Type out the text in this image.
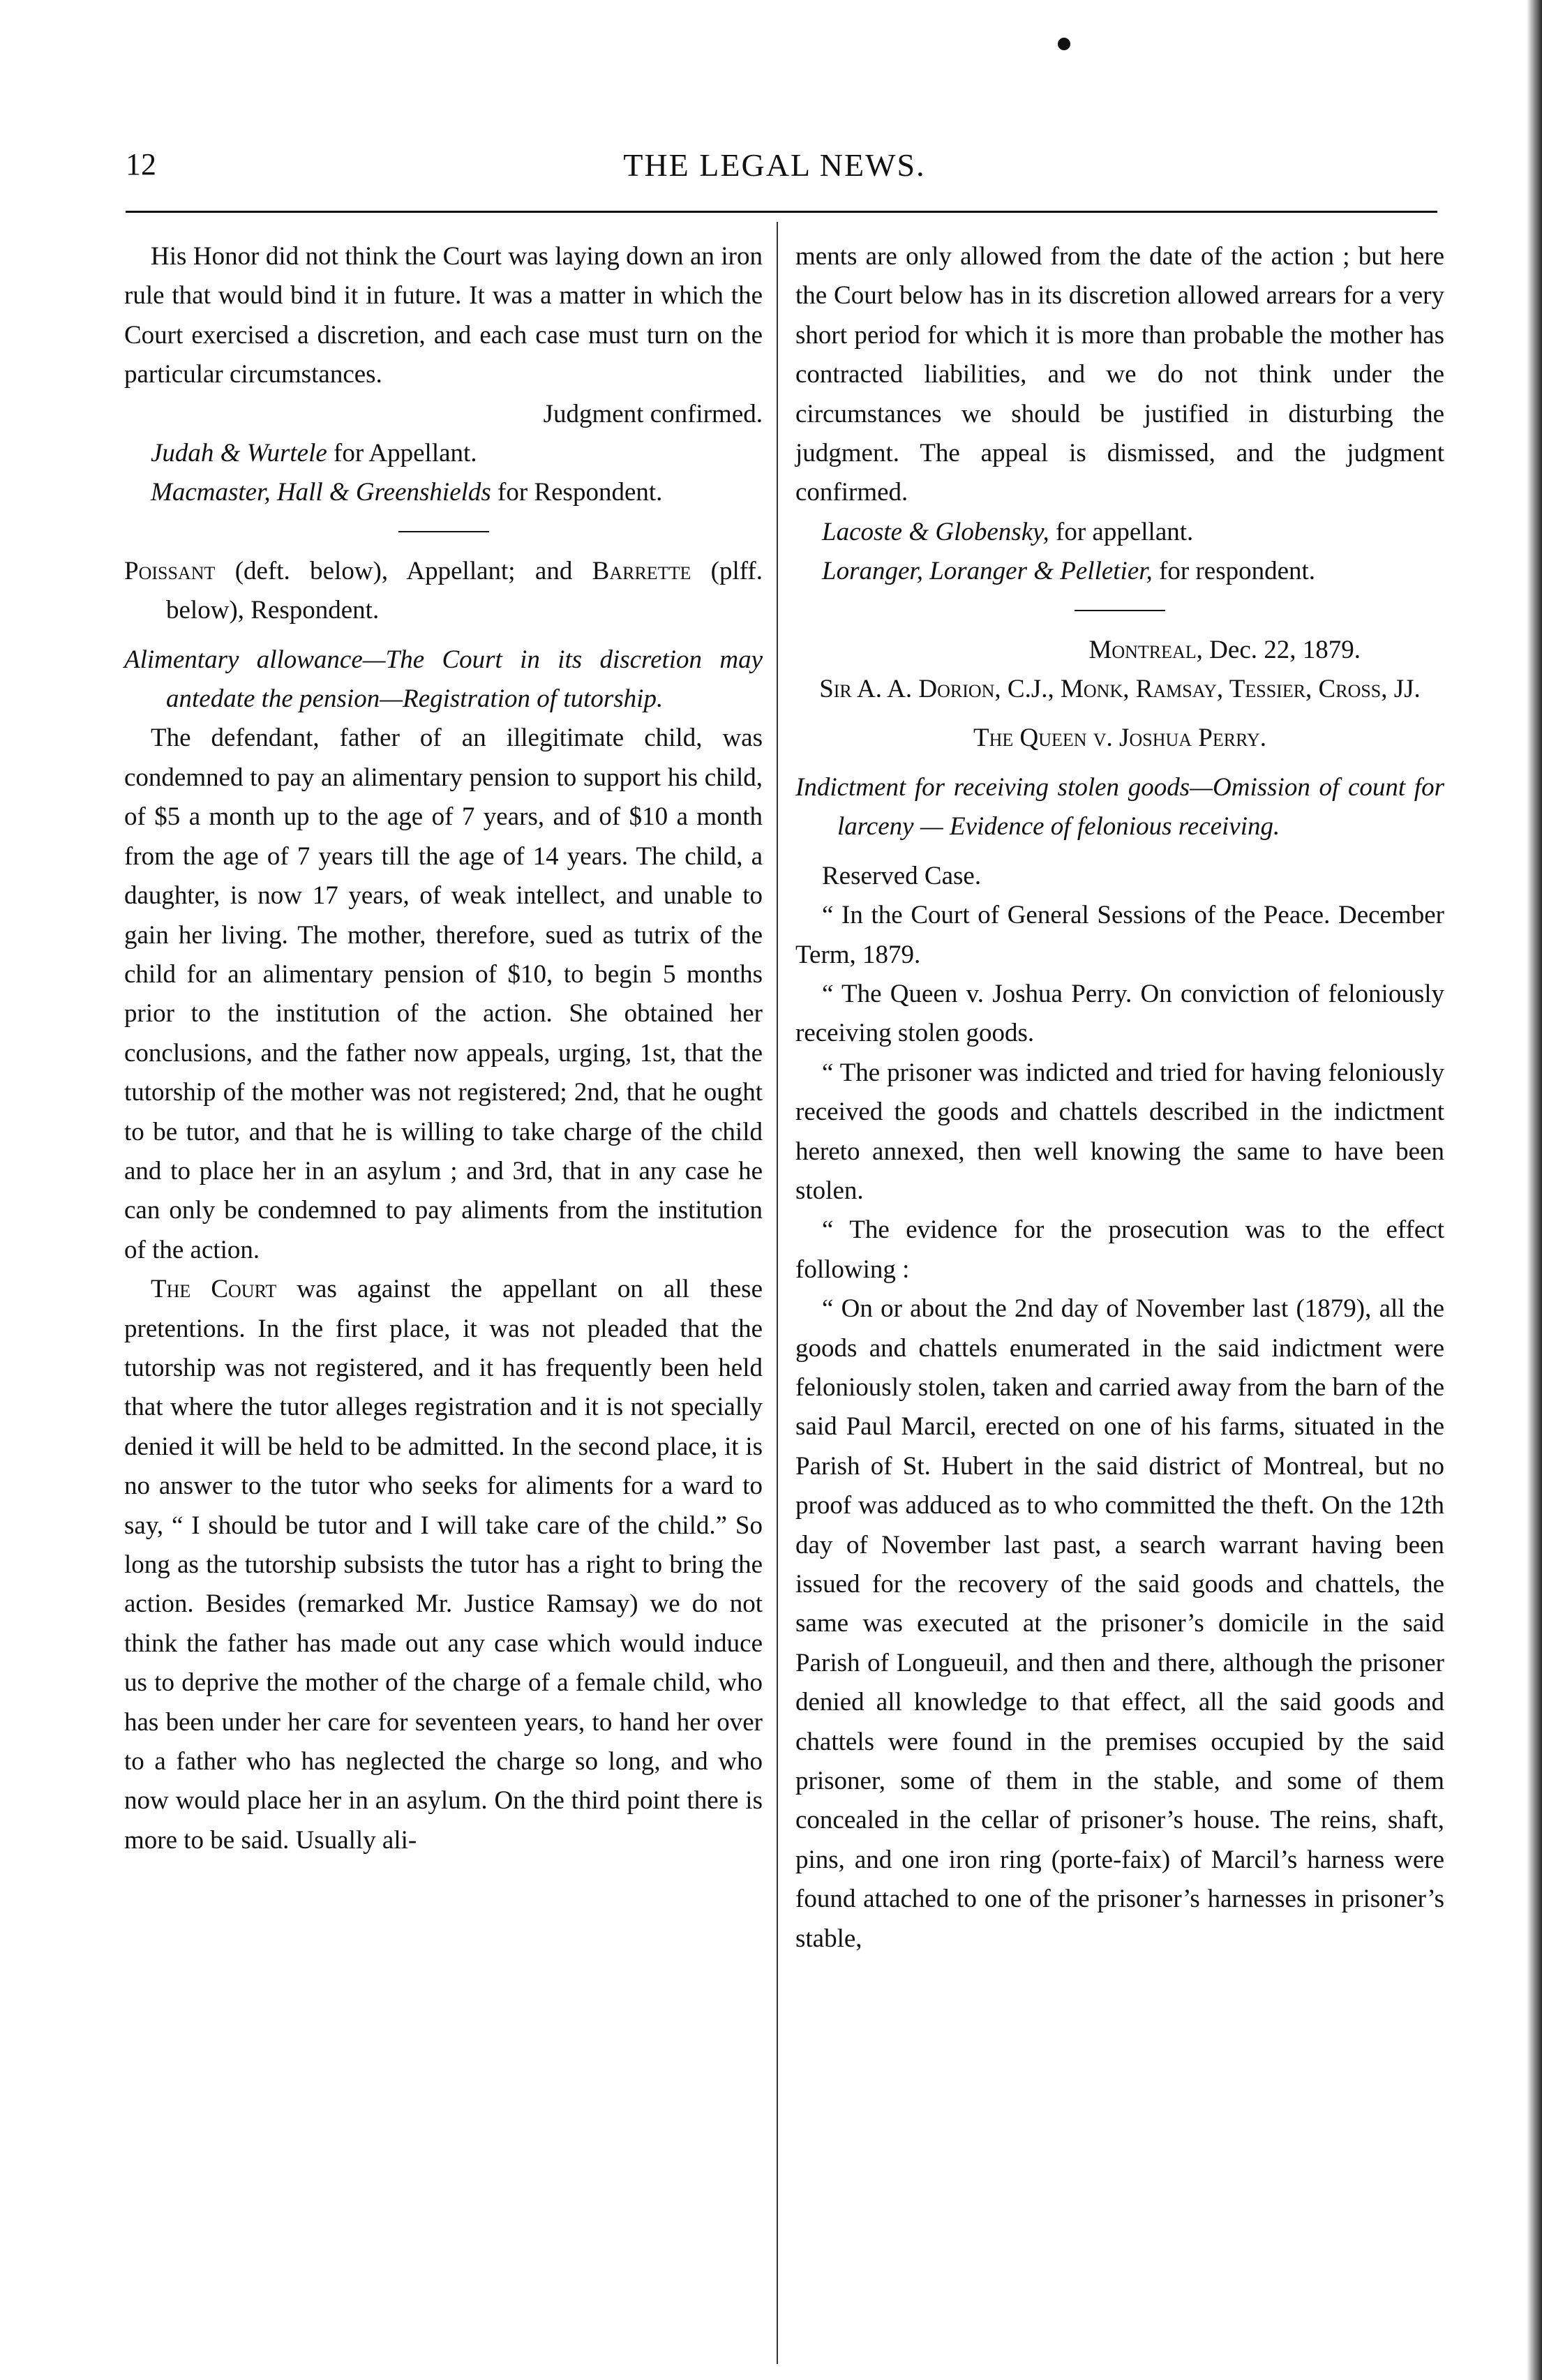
12	THE LEGAL NEWS.

His Honor did not think the Court was laying down an iron rule that would bind it in future. It was a matter in which the Court exercised a discretion, and each case must turn on the particular circumstances.

Judgment confirmed.

Judah & Wurtele for Appellant.

Macmaster, Hall & Greenshields for Respondent.

Poissant (deft. below), Appellant; and Barrette (plff. below), Respondent.

Alimentary allowance—The Court in its discretion may antedate the pension—Registration of tutorship.

The defendant, father of an illegitimate child, was condemned to pay an alimentary pension to support his child, of $5 a month up to the age of 7 years, and of $10 a month from the age of 7 years till the age of 14 years. The child, a daughter, is now 17 years, of weak intellect, and unable to gain her living. The mother, therefore, sued as tutrix of the child for an alimentary pension of $10, to begin 5 months prior to the institution of the action. She obtained her conclusions, and the father now appeals, urging, 1st, that the tutorship of the mother was not registered; 2nd, that he ought to be tutor, and that he is willing to take charge of the child and to place her in an asylum ; and 3rd, that in any case he can only be condemned to pay aliments from the institution of the action.

The Court was against the appellant on all these pretentions. In the first place, it was not pleaded that the tutorship was not registered, and it has frequently been held that where the tutor alleges registration and it is not specially denied it will be held to be admitted. In the second place, it is no answer to the tutor who seeks for aliments for a ward to say, “ I should be tutor and I will take care of the child.” So long as the tutorship subsists the tutor has a right to bring the action. Besides (remarked Mr. Justice Ramsay) we do not think the father has made out any case which would induce us to deprive the mother of the charge of a female child, who has been under her care for seventeen years, to hand her over to a father who has neglected the charge so long, and who now would place her in an asylum. On the third point there is more to be said. Usually ali-

ments are only allowed from the date of the action ; but here the Court below has in its discretion allowed arrears for a very short period for which it is more than probable the mother has contracted liabilities, and we do not think under the circumstances we should be justified in disturbing the judgment. The appeal is dismissed, and the judgment confirmed.

Lacoste & Globensky, for appellant.

Loranger, Loranger & Pelletier, for respondent.

Montreal, Dec. 22, 1879.

Sir A. A. Dorion, C.J., Monk, Ramsay, Tessier, Cross, JJ.

The Queen v. Joshua Perry.

Indictment for receiving stolen goods—Omission of count for larceny — Evidence of felonious receiving.

Reserved Case.

“ In the Court of General Sessions of the Peace. December Term, 1879.

“ The Queen v. Joshua Perry. On conviction of feloniously receiving stolen goods.

“ The prisoner was indicted and tried for having feloniously received the goods and chattels described in the indictment hereto annexed, then well knowing the same to have been stolen.

“ The evidence for the prosecution was to the effect following :

“ On or about the 2nd day of November last (1879), all the goods and chattels enumerated in the said indictment were feloniously stolen, taken and carried away from the barn of the said Paul Marcil, erected on one of his farms, situated in the Parish of St. Hubert in the said district of Montreal, but no proof was adduced as to who committed the theft. On the 12th day of November last past, a search warrant having been issued for the recovery of the said goods and chattels, the same was executed at the prisoner’s domicile in the said Parish of Longueuil, and then and there, although the prisoner denied all knowledge to that effect, all the said goods and chattels were found in the premises occupied by the said prisoner, some of them in the stable, and some of them concealed in the cellar of prisoner’s house. The reins, shaft, pins, and one iron ring (porte-faix) of Marcil’s harness were found attached to one of the prisoner’s harnesses in prisoner’s stable,
